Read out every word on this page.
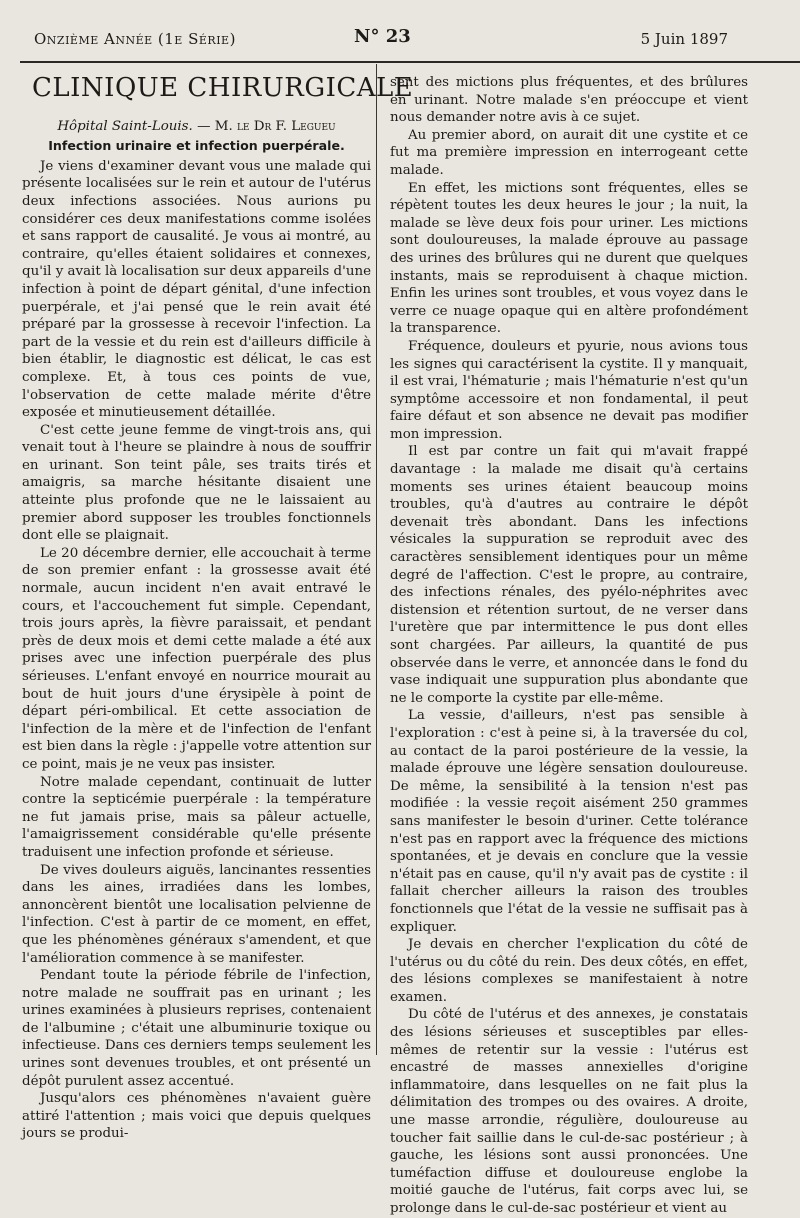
Onzième Année (1e Série)	N° 23	5 Juin 1897
CLINIQUE CHIRURGICALE
Hôpital Saint-Louis. — M. le Dr F. Legueu
Infection urinaire et infection puerpérale.

Je viens d'examiner devant vous une malade qui présente localisées sur le rein et autour de l'utérus deux infections associées. Nous aurions pu considérer ces deux manifestations comme isolées et sans rapport de causalité. Je vous ai montré, au contraire, qu'elles étaient solidaires et connexes, qu'il y avait là localisation sur deux appareils d'une infection à point de départ génital, d'une infection puerpérale, et j'ai pensé que le rein avait été préparé par la grossesse à recevoir l'infection. La part de la vessie et du rein est d'ailleurs difficile à bien établir, le diagnostic est délicat, le cas est complexe. Et, à tous ces points de vue, l'observation de cette malade mérite d'être exposée et minutieusement détaillée.

C'est cette jeune femme de vingt-trois ans, qui venait tout à l'heure se plaindre à nous de souffrir en urinant. Son teint pâle, ses traits tirés et amaigris, sa marche hésitante disaient une atteinte plus profonde que ne le laissaient au premier abord supposer les troubles fonctionnels dont elle se plaignait.

Le 20 décembre dernier, elle accouchait à terme de son premier enfant : la grossesse avait été normale, aucun incident n'en avait entravé le cours, et l'accouchement fut simple. Cependant, trois jours après, la fièvre paraissait, et pendant près de deux mois et demi cette malade a été aux prises avec une infection puerpérale des plus sérieuses. L'enfant envoyé en nourrice mourait au bout de huit jours d'une érysipèle à point de départ péri-ombilical. Et cette association de l'infection de la mère et de l'infection de l'enfant est bien dans la règle : j'appelle votre attention sur ce point, mais je ne veux pas insister.

Notre malade cependant, continuait de lutter contre la septicémie puerpérale : la température ne fut jamais prise, mais sa pâleur actuelle, l'amaigrissement considérable qu'elle présente traduisent une infection profonde et sérieuse.

De vives douleurs aiguës, lancinantes ressenties dans les aines, irradiées dans les lombes, annoncèrent bientôt une localisation pelvienne de l'infection. C'est à partir de ce moment, en effet, que les phénomènes généraux s'amendent, et que l'amélioration commence à se manifester.

Pendant toute la période fébrile de l'infection, notre malade ne souffrait pas en urinant ; les urines examinées à plusieurs reprises, contenaient de l'albumine ; c'était une albuminurie toxique ou infectieuse. Dans ces derniers temps seulement les urines sont devenues troubles, et ont présenté un dépôt purulent assez accentué.

Jusqu'alors ces phénomènes n'avaient guère attiré l'attention ; mais voici que depuis quelques jours se produi-

sent des mictions plus fréquentes, et des brûlures en urinant. Notre malade s'en préoccupe et vient nous demander notre avis à ce sujet.

Au premier abord, on aurait dit une cystite et ce fut ma première impression en interrogeant cette malade.

En effet, les mictions sont fréquentes, elles se répètent toutes les deux heures le jour ; la nuit, la malade se lève deux fois pour uriner. Les mictions sont douloureuses, la malade éprouve au passage des urines des brûlures qui ne durent que quelques instants, mais se reproduisent à chaque miction. Enfin les urines sont troubles, et vous voyez dans le verre ce nuage opaque qui en altère profondément la transparence.

Fréquence, douleurs et pyurie, nous avions tous les signes qui caractérisent la cystite. Il y manquait, il est vrai, l'hématurie ; mais l'hématurie n'est qu'un symptôme accessoire et non fondamental, il peut faire défaut et son absence ne devait pas modifier mon impression.

Il est par contre un fait qui m'avait frappé davantage : la malade me disait qu'à certains moments ses urines étaient beaucoup moins troubles, qu'à d'autres au contraire le dépôt devenait très abondant. Dans les infections vésicales la suppuration se reproduit avec des caractères sensiblement identiques pour un même degré de l'affection. C'est le propre, au contraire, des infections rénales, des pyélo-néphrites avec distension et rétention surtout, de ne verser dans l'uretère que par intermittence le pus dont elles sont chargées. Par ailleurs, la quantité de pus observée dans le verre, et annoncée dans le fond du vase indiquait une suppuration plus abondante que ne le comporte la cystite par elle-même.

La vessie, d'ailleurs, n'est pas sensible à l'exploration : c'est à peine si, à la traversée du col, au contact de la paroi postérieure de la vessie, la malade éprouve une légère sensation douloureuse. De même, la sensibilité à la tension n'est pas modifiée : la vessie reçoit aisément 250 grammes sans manifester le besoin d'uriner. Cette tolérance n'est pas en rapport avec la fréquence des mictions spontanées, et je devais en conclure que la vessie n'était pas en cause, qu'il n'y avait pas de cystite : il fallait chercher ailleurs la raison des troubles fonctionnels que l'état de la vessie ne suffisait pas à expliquer.

Je devais en chercher l'explication du côté de l'utérus ou du côté du rein. Des deux côtés, en effet, des lésions complexes se manifestaient à notre examen.

Du côté de l'utérus et des annexes, je constatais des lésions sérieuses et susceptibles par elles-mêmes de retentir sur la vessie : l'utérus est encastré de masses annexielles d'origine inflammatoire, dans lesquelles on ne fait plus la délimitation des trompes ou des ovaires. A droite, une masse arrondie, régulière, douloureuse au toucher fait saillie dans le cul-de-sac postérieur ; à gauche, les lésions sont aussi prononcées. Une tuméfaction diffuse et douloureuse englobe la moitié gauche de l'utérus, fait corps avec lui, se prolonge dans le cul-de-sac postérieur et vient au
